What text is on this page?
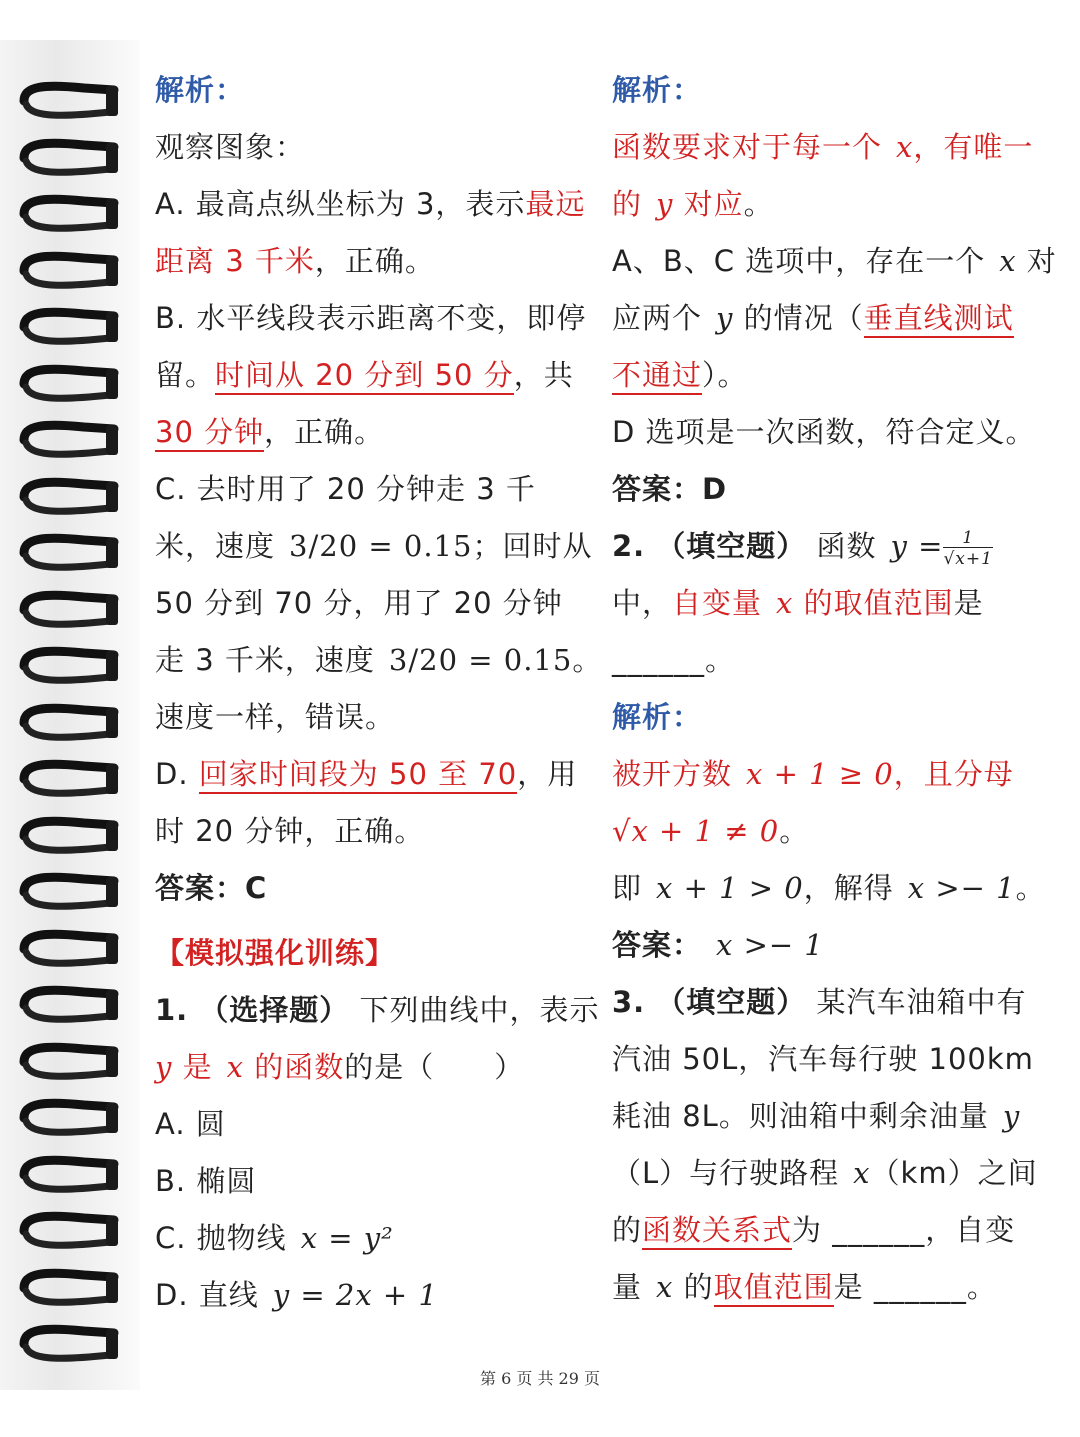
解析：
观察图象：
A. 最高点纵坐标为 3，表示最远
距离 3 千米，正确。
B. 水平线段表示距离不变，即停
留。时间从 20 分到 50 分，共
30 分钟，正确。
C. 去时用了 20 分钟走 3 千
米，速度 3/20 = 0.15；回时从
50 分到 70 分，用了 20 分钟
走 3 千米，速度 3/20 = 0.15。
速度一样，错误。
D. 回家时间段为 50 至 70，用
时 20 分钟，正确。
答案：C
【模拟强化训练】
1. （选择题） 下列曲线中，表示
y 是 x 的函数的是（　　）
A. 圆
B. 椭圆
C. 抛物线 x = y²
D. 直线 y = 2x + 1
解析：
函数要求对于每一个 x，有唯一
的 y 对应。
A、B、C 选项中，存在一个 x 对
应两个 y 的情况（垂直线测试
不通过）。
D 选项是一次函数，符合定义。
答案：D
2. （填空题） 函数 $y = \frac{1}{√x+1}$
中，自变量 x 的取值范围是
______。
解析：
被开方数 x + 1 ≥ 0，且分母
√x + 1 ≠ 0。
即 x + 1 > 0，解得 x >− 1。
答案： x >− 1
3. （填空题） 某汽车油箱中有
汽油 50L，汽车每行驶 100km
耗油 8L。则油箱中剩余油量 y
（L）与行驶路程 x（km）之间
的函数关系式为 ______，自变
量 x 的取值范围是 ______。
第 6 页 共 29 页
